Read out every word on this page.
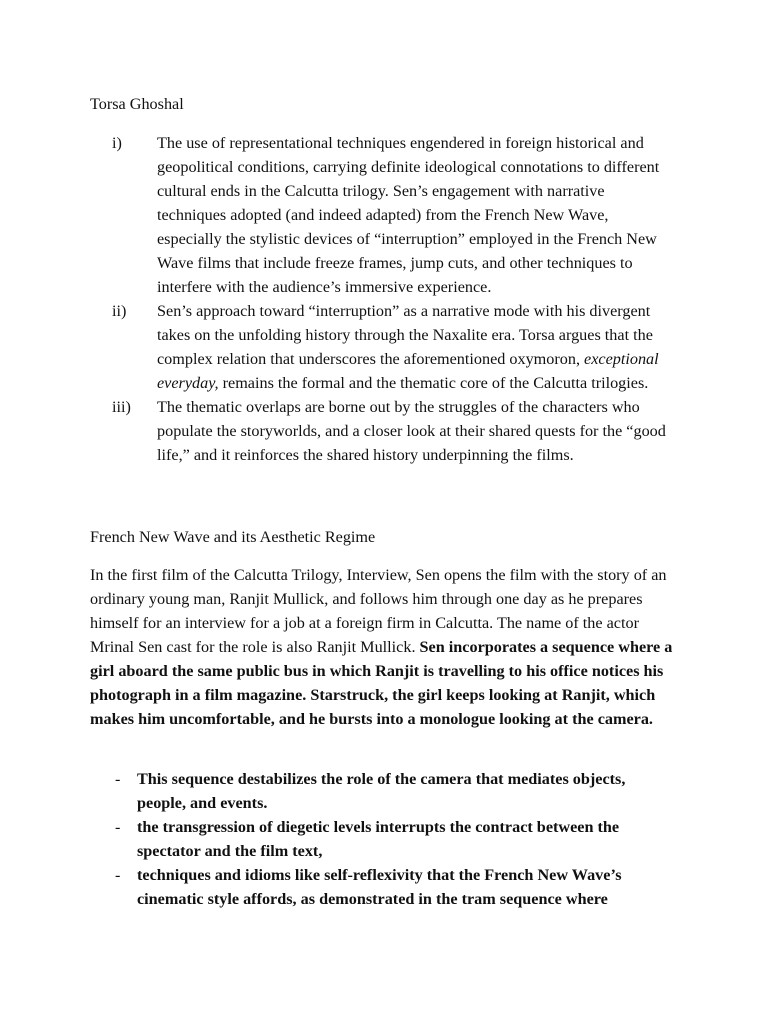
Torsa Ghoshal
i)	The use of representational techniques engendered in foreign historical and geopolitical conditions, carrying definite ideological connotations to different cultural ends in the Calcutta trilogy. Sen’s engagement with narrative techniques adopted (and indeed adapted) from the French New Wave, especially the stylistic devices of “interruption” employed in the French New Wave films that include freeze frames, jump cuts, and other techniques to interfere with the audience’s immersive experience.
ii)	Sen’s approach toward “interruption” as a narrative mode with his divergent takes on the unfolding history through the Naxalite era. Torsa argues that the complex relation that underscores the aforementioned oxymoron, exceptional everyday, remains the formal and the thematic core of the Calcutta trilogies.
iii)	The thematic overlaps are borne out by the struggles of the characters who populate the storyworlds, and a closer look at their shared quests for the “good life,” and it reinforces the shared history underpinning the films.
French New Wave and its Aesthetic Regime
In the first film of the Calcutta Trilogy, Interview, Sen opens the film with the story of an ordinary young man, Ranjit Mullick, and follows him through one day as he prepares himself for an interview for a job at a foreign firm in Calcutta. The name of the actor Mrinal Sen cast for the role is also Ranjit Mullick. Sen incorporates a sequence where a girl aboard the same public bus in which Ranjit is travelling to his office notices his photograph in a film magazine. Starstruck, the girl keeps looking at Ranjit, which makes him uncomfortable, and he bursts into a monologue looking at the camera.
-	This sequence destabilizes the role of the camera that mediates objects, people, and events.
-	the transgression of diegetic levels interrupts the contract between the spectator and the film text,
-	techniques and idioms like self-reflexivity that the French New Wave’s cinematic style affords, as demonstrated in the tram sequence where
